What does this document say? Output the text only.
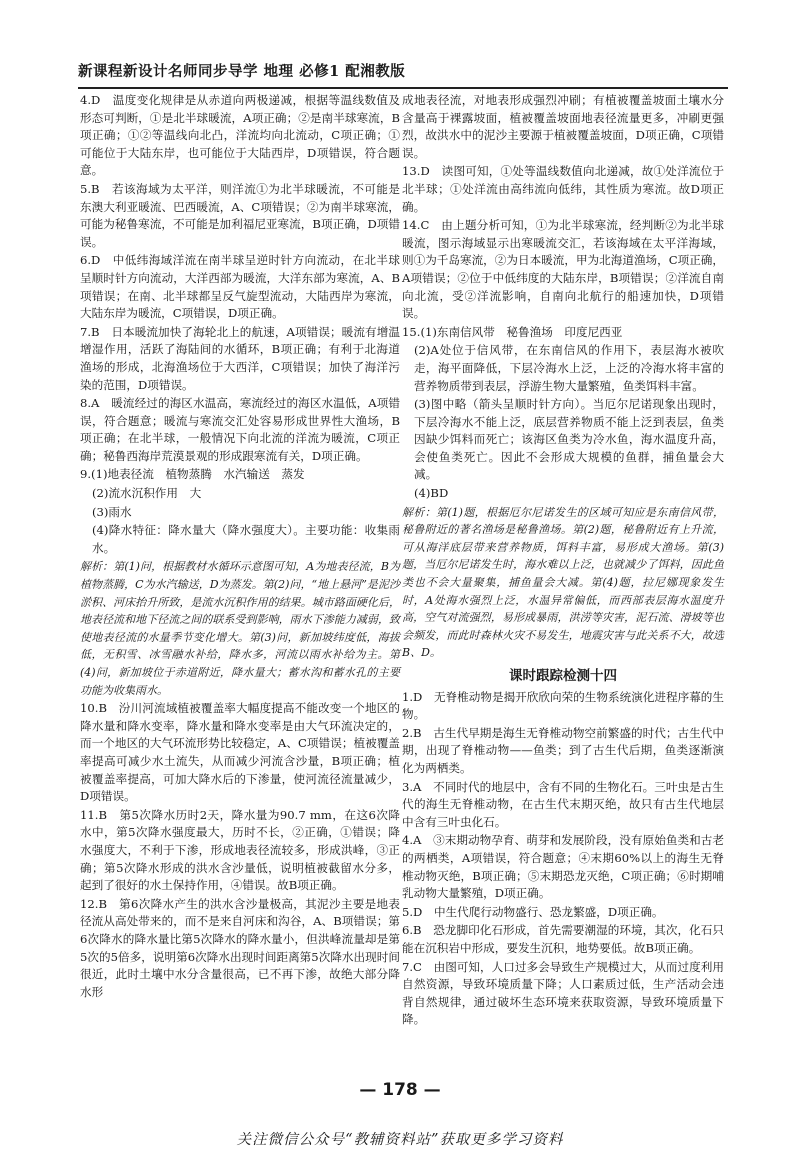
新课程新设计名师同步导学 地理 必修1 配湘教版

4.D　温度变化规律是从赤道向两极递减，根据等温线数值及形态可判断，①是北半球暖流，A项正确；②是南半球寒流，B项正确；①②等温线向北凸，洋流均向北流动，C项正确；①可能位于大陆东岸，也可能位于大陆西岸，D项错误，符合题意。

5.B　若该海域为太平洋，则洋流①为北半球暖流，不可能是东澳大利亚暖流、巴西暖流，A、C项错误；②为南半球寒流，可能为秘鲁寒流，不可能是加利福尼亚寒流，B项正确，D项错误。

6.D　中低纬海域洋流在南半球呈逆时针方向流动，在北半球呈顺时针方向流动，大洋西部为暖流，大洋东部为寒流，A、B项错误；在南、北半球都呈反气旋型流动，大陆西岸为寒流，大陆东岸为暖流，C项错误，D项正确。

7.B　日本暖流加快了海轮北上的航速，A项错误；暖流有增温增湿作用，活跃了海陆间的水循环，B项正确；有利于北海道渔场的形成，北海渔场位于大西洋，C项错误；加快了海洋污染的范围，D项错误。

8.A　暖流经过的海区水温高，寒流经过的海区水温低，A项错误，符合题意；暖流与寒流交汇处容易形成世界性大渔场，B项正确；在北半球，一般情况下向北流的洋流为暖流，C项正确；秘鲁西海岸荒漠景观的形成跟寒流有关，D项正确。

9.(1)地表径流　植物蒸腾　水汽输送　蒸发

(2)流水沉积作用　大

(3)雨水

(4)降水特征：降水量大（降水强度大）。主要功能：收集雨水。

解析：第(1)问，根据教材水循环示意图可知，A为地表径流，B为植物蒸腾，C为水汽输送，D为蒸发。第(2)问，“地上悬河”是泥沙淤积、河床抬升所致，是流水沉积作用的结果。城市路面硬化后，地表径流和地下径流之间的联系受到影响，雨水下渗能力减弱，致使地表径流的水量季节变化增大。第(3)问，新加坡纬度低，海拔低，无积雪、冰雪融水补给，降水多，河流以雨水补给为主。第(4)问，新加坡位于赤道附近，降水量大；蓄水沟和蓄水孔的主要功能为收集雨水。

10.B　汾川河流域植被覆盖率大幅度提高不能改变一个地区的降水量和降水变率，降水量和降水变率是由大气环流决定的，而一个地区的大气环流形势比较稳定，A、C项错误；植被覆盖率提高可减少水土流失，从而减少河流含沙量，B项正确；植被覆盖率提高，可加大降水后的下渗量，使河流径流量减少，D项错误。

11.B　第5次降水历时2天，降水量为90.7 mm，在这6次降水中，第5次降水强度最大，历时不长，②正确，①错误；降水强度大，不利于下渗，形成地表径流较多，形成洪峰，③正确；第5次降水形成的洪水含沙量低，说明植被截留水分多，起到了很好的水土保持作用，④错误。故B项正确。

12.B　第6次降水产生的洪水含沙量极高，其泥沙主要是地表径流从高处带来的，而不是来自河床和沟谷，A、B项错误；第6次降水的降水量比第5次降水的降水量小，但洪峰流量却是第5次的5倍多，说明第6次降水出现时间距离第5次降水出现时间很近，此时土壤中水分含量很高，已不再下渗，故绝大部分降水形

成地表径流，对地表形成强烈冲刷；有植被覆盖坡面土壤水分含量高于裸露坡面，植被覆盖坡面地表径流量更多，冲刷更强烈，故洪水中的泥沙主要源于植被覆盖坡面，D项正确，C项错误。

13.D　读图可知，①处等温线数值向北递减，故①处洋流位于北半球；①处洋流由高纬流向低纬，其性质为寒流。故D项正确。

14.C　由上题分析可知，①为北半球寒流，经判断②为北半球暖流，图示海域显示出寒暖流交汇，若该海域在太平洋海域，则①为千岛寒流，②为日本暖流，甲为北海道渔场，C项正确，A项错误；②位于中低纬度的大陆东岸，B项错误；②洋流自南向北流，受②洋流影响，自南向北航行的船速加快，D项错误。

15.(1)东南信风带　秘鲁渔场　印度尼西亚

(2)A处位于信风带，在东南信风的作用下，表层海水被吹走，海平面降低，下层冷海水上泛，上泛的冷海水将丰富的营养物质带到表层，浮游生物大量繁殖，鱼类饵料丰富。

(3)图中略（箭头呈顺时针方向）。当厄尔尼诺现象出现时，下层冷海水不能上泛，底层营养物质不能上泛到表层，鱼类因缺少饵料而死亡；该海区鱼类为冷水鱼，海水温度升高，会使鱼类死亡。因此不会形成大规模的鱼群，捕鱼量会大减。

(4)BD

解析：第(1)题，根据厄尔尼诺发生的区域可知应是东南信风带，秘鲁附近的著名渔场是秘鲁渔场。第(2)题，秘鲁附近有上升流，可从海洋底层带来营养物质，饵料丰富，易形成大渔场。第(3)题，当厄尔尼诺发生时，海水难以上泛，也就减少了饵料，因此鱼类也不会大量聚集，捕鱼量会大减。第(4)题，拉尼娜现象发生时，A处海水强烈上泛，水温异常偏低，而西部表层海水温度升高，空气对流强烈，易形成暴雨，洪涝等灾害，泥石流、滑坡等也会频发，而此时森林火灾不易发生，地震灾害与此关系不大，故选B、D。

课时跟踪检测十四

1.D　无脊椎动物是揭开欣欣向荣的生物系统演化进程序幕的生物。

2.B　古生代早期是海生无脊椎动物空前繁盛的时代；古生代中期，出现了脊椎动物——鱼类；到了古生代后期，鱼类逐渐演化为两栖类。

3.A　不同时代的地层中，含有不同的生物化石。三叶虫是古生代的海生无脊椎动物，在古生代末期灭绝，故只有古生代地层中含有三叶虫化石。

4.A　③末期动物孕育、萌芽和发展阶段，没有原始鱼类和古老的两栖类，A项错误，符合题意；④末期60%以上的海生无脊椎动物灭绝，B项正确；⑤末期恐龙灭绝，C项正确；⑥时期哺乳动物大量繁殖，D项正确。

5.D　中生代爬行动物盛行、恐龙繁盛，D项正确。

6.B　恐龙脚印化石形成，首先需要潮湿的环境，其次，化石只能在沉积岩中形成，要发生沉积，地势要低。故B项正确。

7.C　由图可知，人口过多会导致生产规模过大，从而过度利用自然资源，导致环境质量下降；人口素质过低，生产活动会违背自然规律，通过破坏生态环境来获取资源，导致环境质量下降。

— 178 —
关注微信公众号“教辅资料站”获取更多学习资料
